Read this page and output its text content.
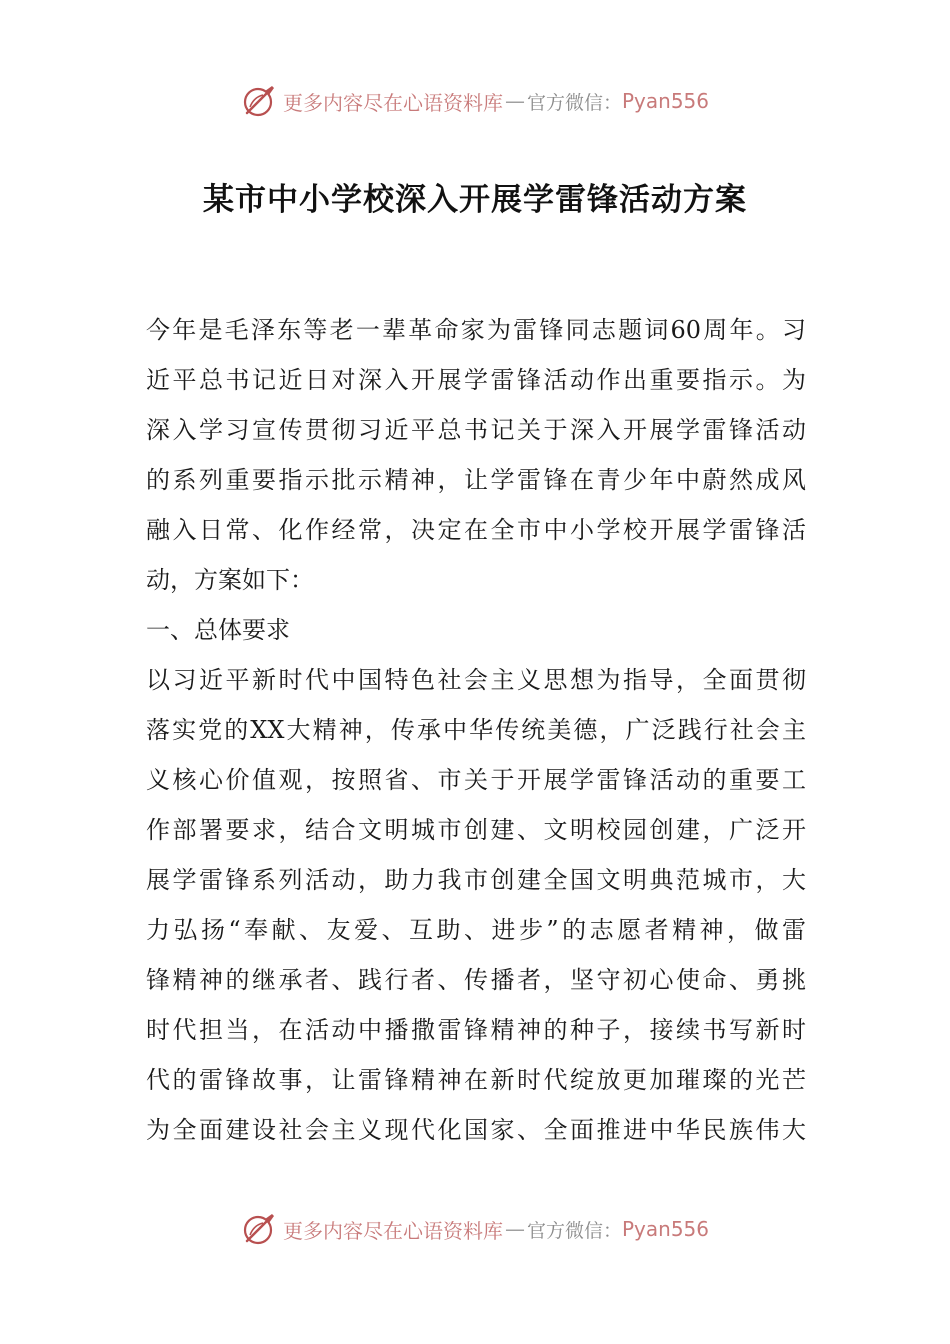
更多内容尽在心语资料库 — 官方微信： Pyan556
某市中小学校深入开展学雷锋活动方案
今年是毛泽东等老一辈革命家为雷锋同志题词60周年。习
近平总书记近日对深入开展学雷锋活动作出重要指示。为
深入学习宣传贯彻习近平总书记关于深入开展学雷锋活动
的系列重要指示批示精神，让学雷锋在青少年中蔚然成风
融入日常、化作经常，决定在全市中小学校开展学雷锋活
动，方案如下：
一、总体要求
以习近平新时代中国特色社会主义思想为指导，全面贯彻
落实党的XX大精神，传承中华传统美德，广泛践行社会主
义核心价值观，按照省、市关于开展学雷锋活动的重要工
作部署要求，结合文明城市创建、文明校园创建，广泛开
展学雷锋系列活动，助力我市创建全国文明典范城市，大
力弘扬“奉献、友爱、互助、进步”的志愿者精神，做雷
锋精神的继承者、践行者、传播者，坚守初心使命、勇挑
时代担当，在活动中播撒雷锋精神的种子，接续书写新时
代的雷锋故事，让雷锋精神在新时代绽放更加璀璨的光芒
为全面建设社会主义现代化国家、全面推进中华民族伟大
更多内容尽在心语资料库 — 官方微信： Pyan556
